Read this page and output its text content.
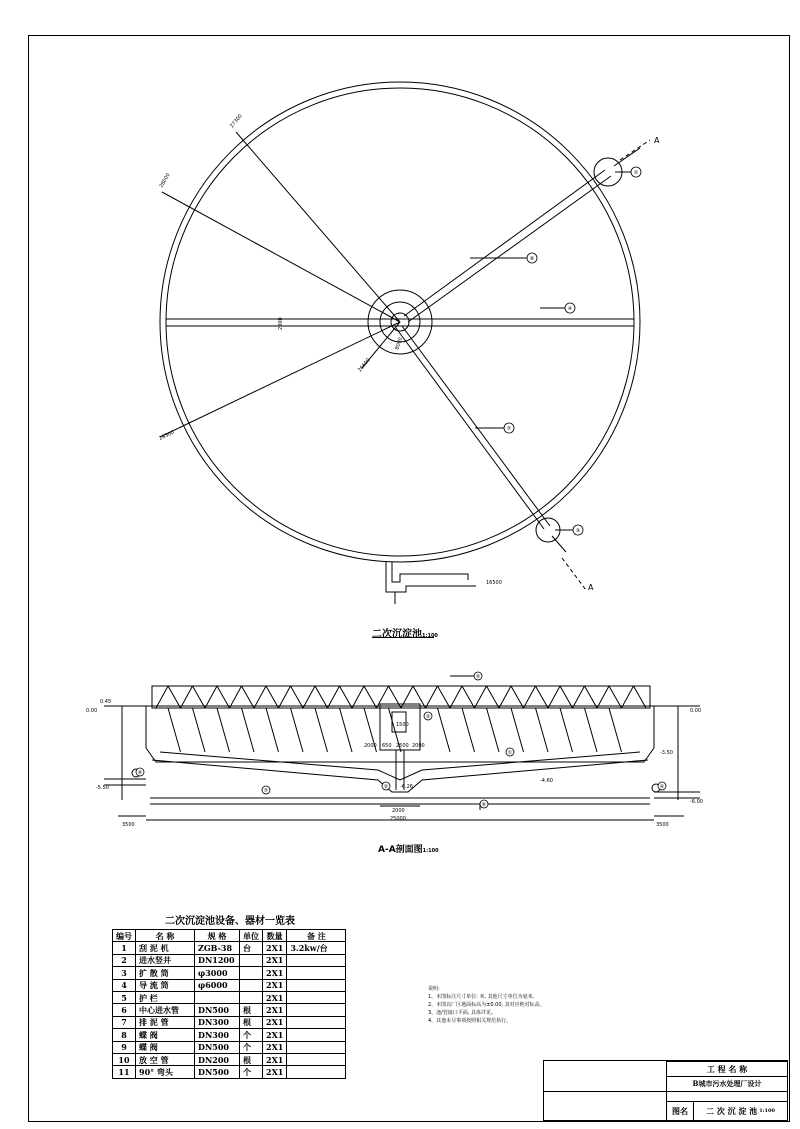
⑧
④
⑦
②
③
27300
28000
28300
26600
2300
8000
16500
A
A
0.45
0.00	0.00
-5.50
-3.50
-6.00
-4.60
-6.26
25000
3500	3500
2000
2000 650 2500 2000
1500
⑤
⑦
⑥
②
③
①
⑧
④
二次沉淀池1:100
A-A剖面图1:100
二次沉淀池设备、器材一览表
编号	名 称	规 格	单位	数量	备 注
1	刮 泥 机	ZGB-38	台	2X1	3.2kw/台
2	进水竖井	DN1200		2X1	
3	扩 散 筒	φ3000		2X1	
4	导 流 筒	φ6000		2X1	
5	护 栏			2X1	
6	中心进水管	DN500	根	2X1	
7	排 泥 管	DN300	根	2X1	
8	蝶 阀	DN300	个	2X1	
9	蝶 阀	DN500	个	2X1	
10	放 空 管	DN200	根	2X1	
11	90° 弯头	DN500	个	2X1	
说明:
1、本图标注尺寸单位: 米, 其他尺寸单位为毫米。
2、本图以厂区地面标高为±0.00, 其对应绝对标高。
3、池/管接口平面, 具体详见。
4、其他未尽事项按照相关规范执行。
工 程 名 称
B城市污水处理厂设计
图名	二 次 沉 淀 池 1:100
